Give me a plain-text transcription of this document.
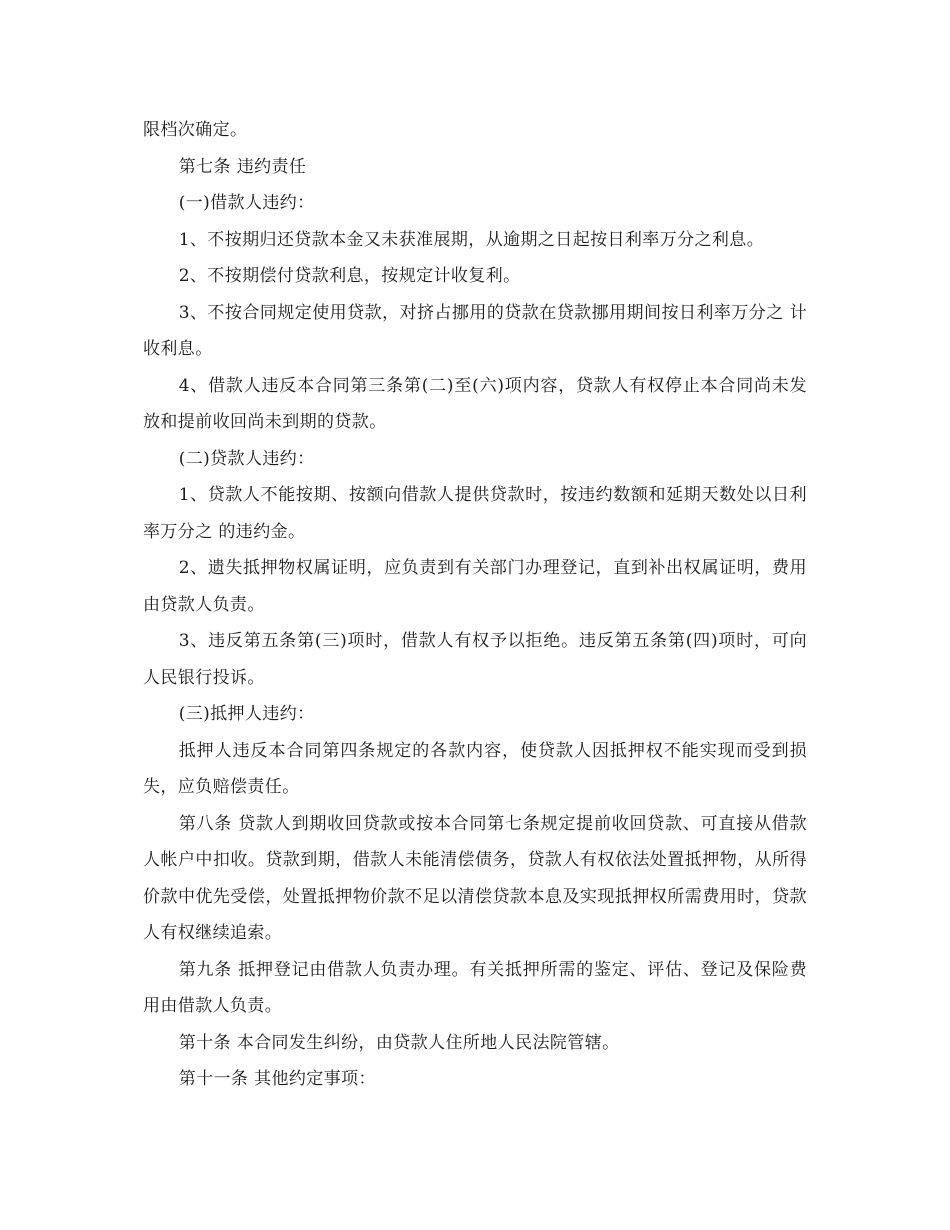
限档次确定。

第七条 违约责任

(一)借款人违约：

1、不按期归还贷款本金又未获准展期，从逾期之日起按日利率万分之利息。

2、不按期偿付贷款利息，按规定计收复利。

3、不按合同规定使用贷款，对挤占挪用的贷款在贷款挪用期间按日利率万分之 计收利息。

4、借款人违反本合同第三条第(二)至(六)项内容，贷款人有权停止本合同尚未发放和提前收回尚未到期的贷款。

(二)贷款人违约：

1、贷款人不能按期、按额向借款人提供贷款时，按违约数额和延期天数处以日利率万分之 的违约金。

2、遗失抵押物权属证明，应负责到有关部门办理登记，直到补出权属证明，费用由贷款人负责。

3、违反第五条第(三)项时，借款人有权予以拒绝。违反第五条第(四)项时，可向人民银行投诉。

(三)抵押人违约：

抵押人违反本合同第四条规定的各款内容，使贷款人因抵押权不能实现而受到损失，应负赔偿责任。

第八条 贷款人到期收回贷款或按本合同第七条规定提前收回贷款、可直接从借款人帐户中扣收。贷款到期，借款人未能清偿债务，贷款人有权依法处置抵押物，从所得价款中优先受偿，处置抵押物价款不足以清偿贷款本息及实现抵押权所需费用时，贷款人有权继续追索。

第九条 抵押登记由借款人负责办理。有关抵押所需的鉴定、评估、登记及保险费用由借款人负责。

第十条 本合同发生纠纷，由贷款人住所地人民法院管辖。

第十一条 其他约定事项：
